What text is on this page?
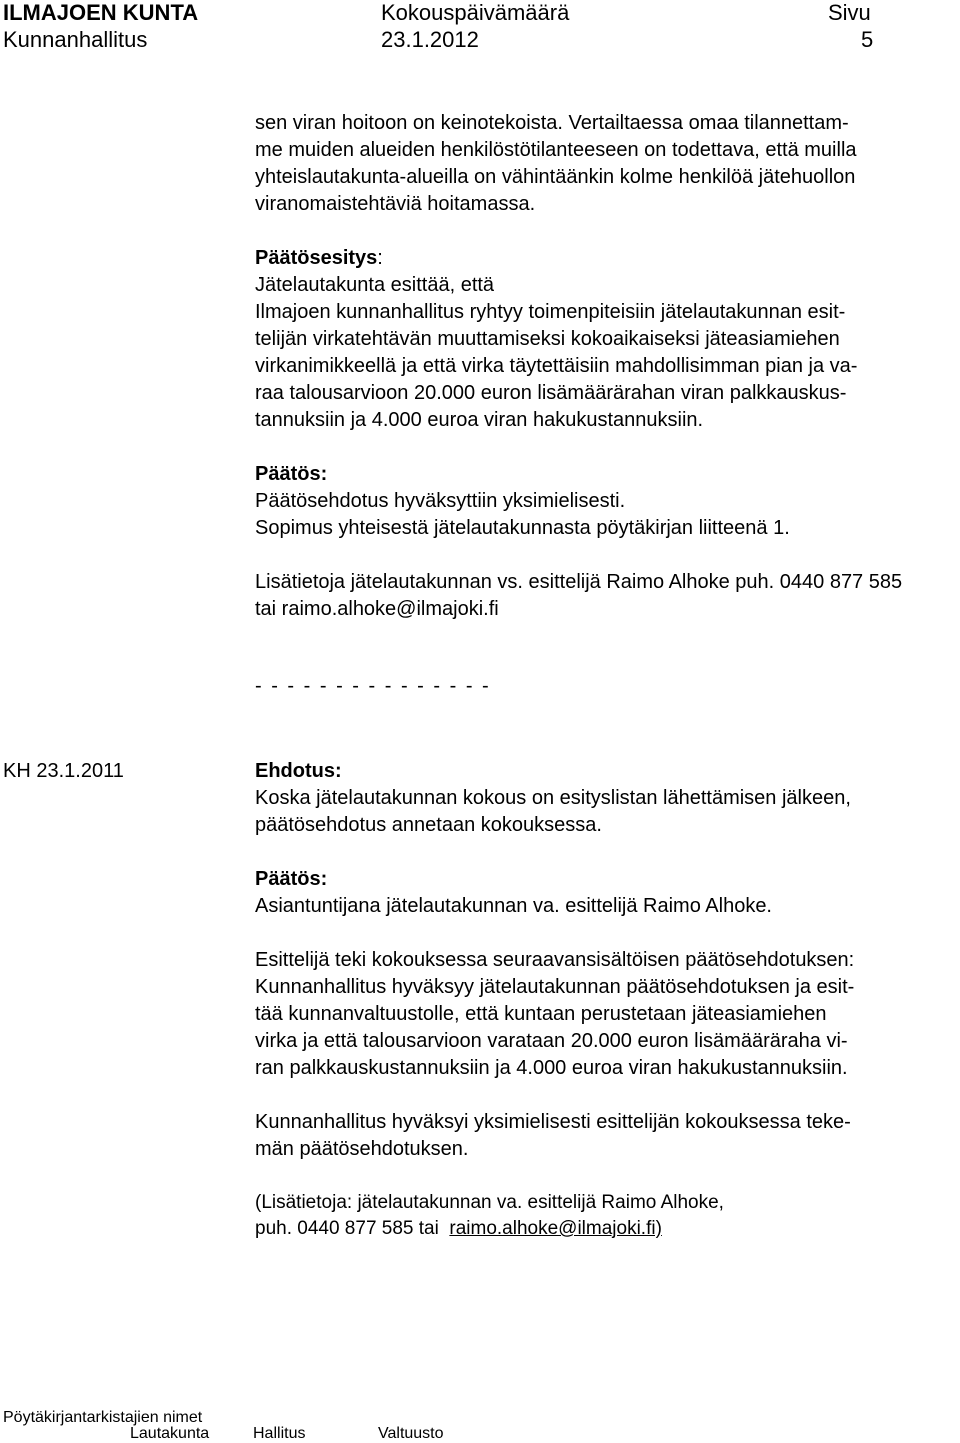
ILMAJOEN KUNTA	Kokouspäivämäärä	Sivu
Kunnanhallitus	23.1.2012	5
sen viran hoitoon on keinotekoista. Vertailtaessa omaa tilannettam-
me muiden alueiden henkilöstötilanteeseen on todettava, että muilla
yhteislautakunta-alueilla on vähintäänkin kolme henkilöä jätehuollon
viranomaistehtäviä hoitamassa.
Päätösesitys:
Jätelautakunta esittää, että
Ilmajoen kunnanhallitus ryhtyy toimenpiteisiin jätelautakunnan esit-
telijän virkatehtävän muuttamiseksi kokoaikaiseksi jäteasiamiehen
virkanimikkeellä ja että virka täytettäisiin mahdollisimman pian ja va-
raa talousarvioon 20.000 euron lisämäärärahan viran palkkauskus-
tannuksiin ja 4.000 euroa viran hakukustannuksiin.
Päätös:
Päätösehdotus hyväksyttiin yksimielisesti.
Sopimus yhteisestä jätelautakunnasta pöytäkirjan liitteenä 1.
Lisätietoja jätelautakunnan vs. esittelijä Raimo Alhoke puh. 0440 877 585
tai raimo.alhoke@ilmajoki.fi
- - - - - - - - - - - - - - -
KH 23.1.2011	Ehdotus:
Koska jätelautakunnan kokous on esityslistan lähettämisen jälkeen,
päätösehdotus annetaan kokouksessa.
Päätös:
Asiantuntijana jätelautakunnan va. esittelijä Raimo Alhoke.
Esittelijä teki kokouksessa seuraavansisältöisen päätösehdotuksen:
Kunnanhallitus hyväksyy jätelautakunnan päätösehdotuksen ja esit-
tää kunnanvaltuustolle, että kuntaan perustetaan jäteasiamiehen
virka ja että talousarvioon varataan 20.000 euron lisämääräraha vi-
ran palkkauskustannuksiin ja 4.000 euroa viran hakukustannuksiin.
Kunnanhallitus hyväksyi yksimielisesti esittelijän kokouksessa teke-
män päätösehdotuksen.
(Lisätietoja: jätelautakunnan va. esittelijä Raimo Alhoke,
puh. 0440 877 585 tai  raimo.alhoke@ilmajoki.fi)
Pöytäkirjantarkistajien nimet
Lautakunta	Hallitus	Valtuusto
